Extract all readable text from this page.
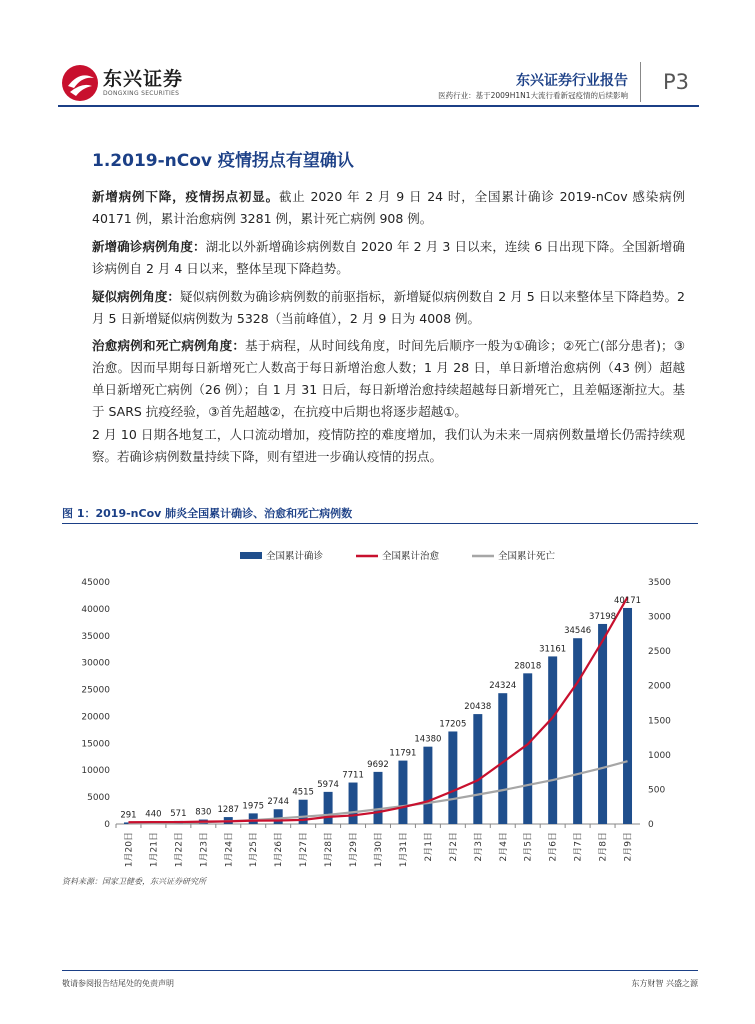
东兴证券
DONGXING SECURITIES
东兴证券行业报告
医药行业：基于2009H1N1大流行看新冠疫情的后续影响
P3
1.2019-nCov 疫情拐点有望确认
新增病例下降，疫情拐点初显。截止 2020 年 2 月 9 日 24 时，全国累计确诊 2019-nCov 感染病例 40171 例，累计治愈病例 3281 例，累计死亡病例 908 例。
新增确诊病例角度：湖北以外新增确诊病例数自 2020 年 2 月 3 日以来，连续 6 日出现下降。全国新增确诊病例自 2 月 4 日以来，整体呈现下降趋势。
疑似病例角度：疑似病例数为确诊病例数的前驱指标，新增疑似病例数自 2 月 5 日以来整体呈下降趋势。2 月 5 日新增疑似病例数为 5328（当前峰值），2 月 9 日为 4008 例。
治愈病例和死亡病例角度：基于病程，从时间线角度，时间先后顺序一般为①确诊；②死亡(部分患者)；③治愈。因而早期每日新增死亡人数高于每日新增治愈人数；1 月 28 日，单日新增治愈病例（43 例）超越单日新增死亡病例（26 例）；自 1 月 31 日后，每日新增治愈持续超越每日新增死亡，且差幅逐渐拉大。基于 SARS 抗疫经验，③首先超越②，在抗疫中后期也将逐步超越①。
2 月 10 日期各地复工，人口流动增加，疫情防控的难度增加，我们认为未来一周病例数量增长仍需持续观察。若确诊病例数量持续下降，则有望进一步确认疫情的拐点。
图 1：2019-nCov 肺炎全国累计确诊、治愈和死亡病例数
全国累计确诊	全国累计治愈	全国累计死亡
0
5000
10000
15000
20000
25000
30000
35000
40000
45000
0
500
1000
1500
2000
2500
3000
3500
1月20日 1月21日 1月22日 1月23日 1月24日 1月25日 1月26日 1月27日 1月28日 1月29日 1月30日 1月31日 2月1日 2月2日 2月3日 2月4日 2月5日 2月6日 2月7日 2月8日 2月9日
291 440 571 830 1287 1975 2744
4515
5974
7711
9692
11791
14380
17205
20438
24324
28018
31161
34546
37198
40171
资料来源：国家卫健委，东兴证券研究所
敬请参阅报告结尾处的免责声明	东方财智 兴盛之源
